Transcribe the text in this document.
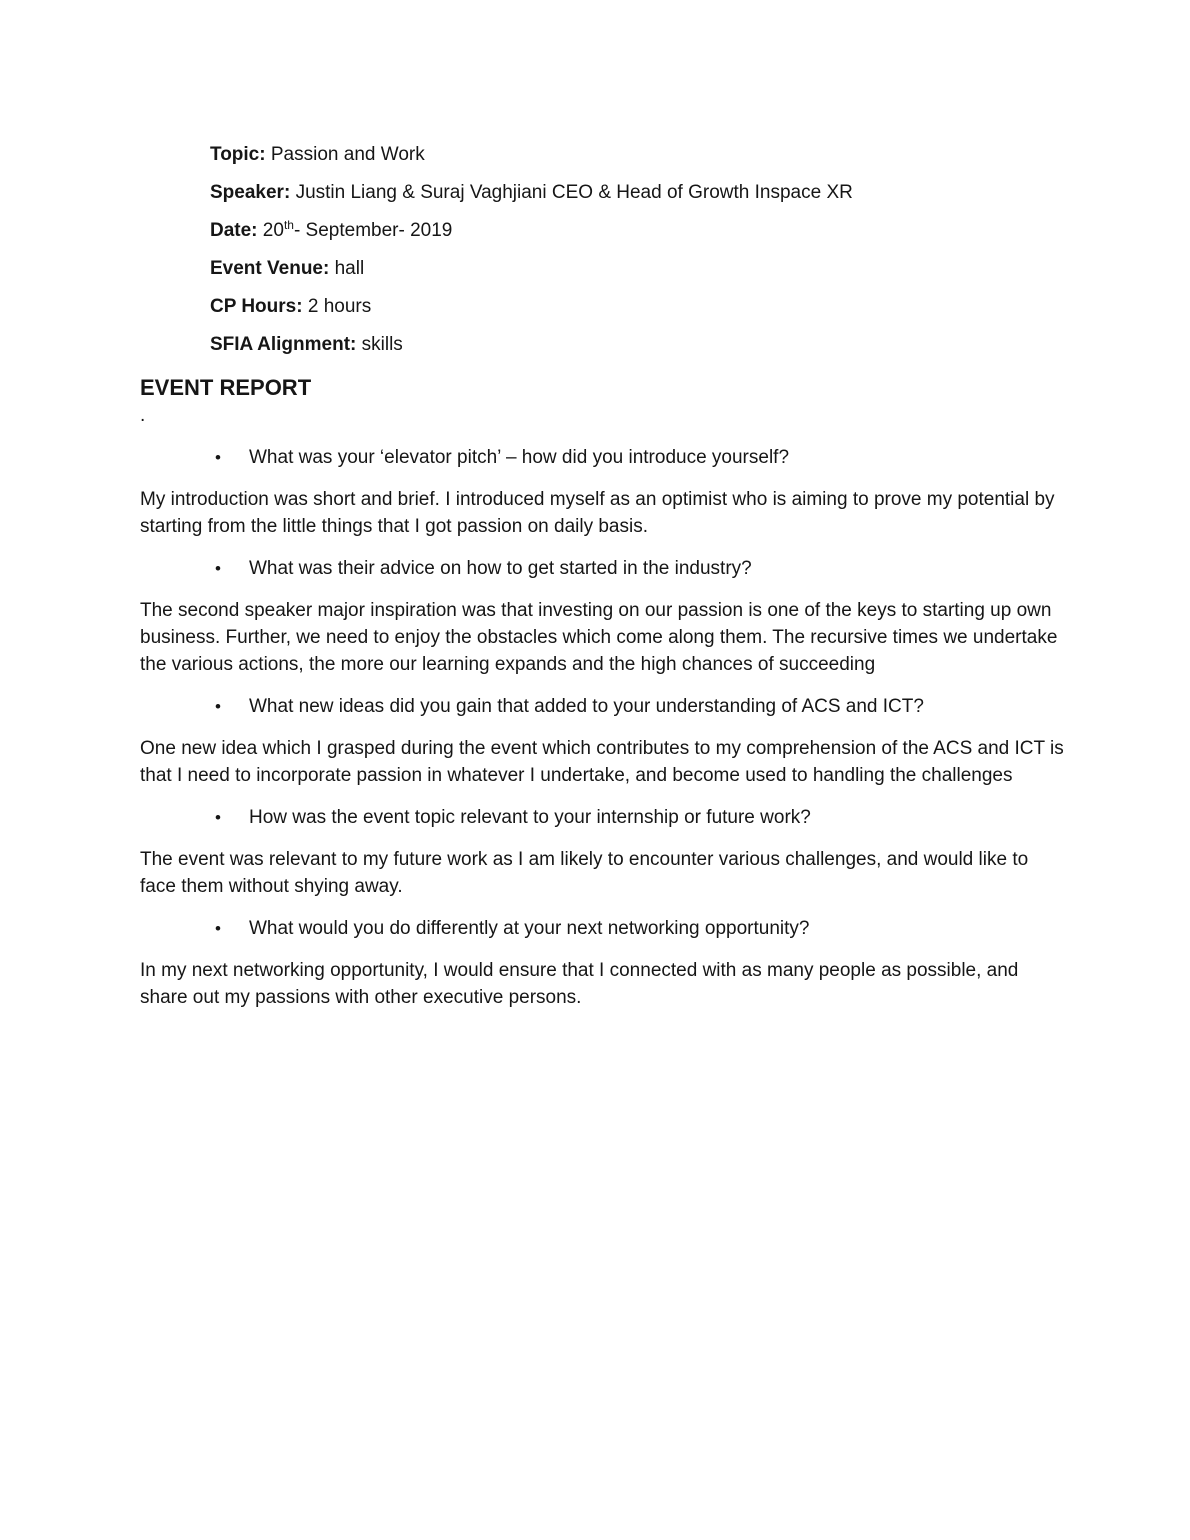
Topic: Passion and Work

Speaker: Justin Liang & Suraj Vaghjiani CEO & Head of Growth Inspace XR

Date: 20th- September- 2019

Event Venue: hall

CP Hours: 2 hours

SFIA Alignment: skills

EVENT REPORT

.

•	What was your ‘elevator pitch’ – how did you introduce yourself?

My introduction was short and brief. I introduced myself as an optimist who is aiming to prove my potential by starting from the little things that I got passion on daily basis.

•	What was their advice on how to get started in the industry?

The second speaker major inspiration was that investing on our passion is one of the keys to starting up own business. Further, we need to enjoy the obstacles which come along them. The recursive times we undertake the various actions, the more our learning expands and the high chances of succeeding

•	What new ideas did you gain that added to your understanding of ACS and ICT?

One new idea which I grasped during the event which contributes to my comprehension of the ACS and ICT is that I need to incorporate passion in whatever I undertake, and become used to handling the challenges

•	How was the event topic relevant to your internship or future work?

The event was relevant to my future work as I am likely to encounter various challenges, and would like to face them without shying away.

•	What would you do differently at your next networking opportunity?

In my next networking opportunity, I would ensure that I connected with as many people as possible, and share out my passions with other executive persons.
